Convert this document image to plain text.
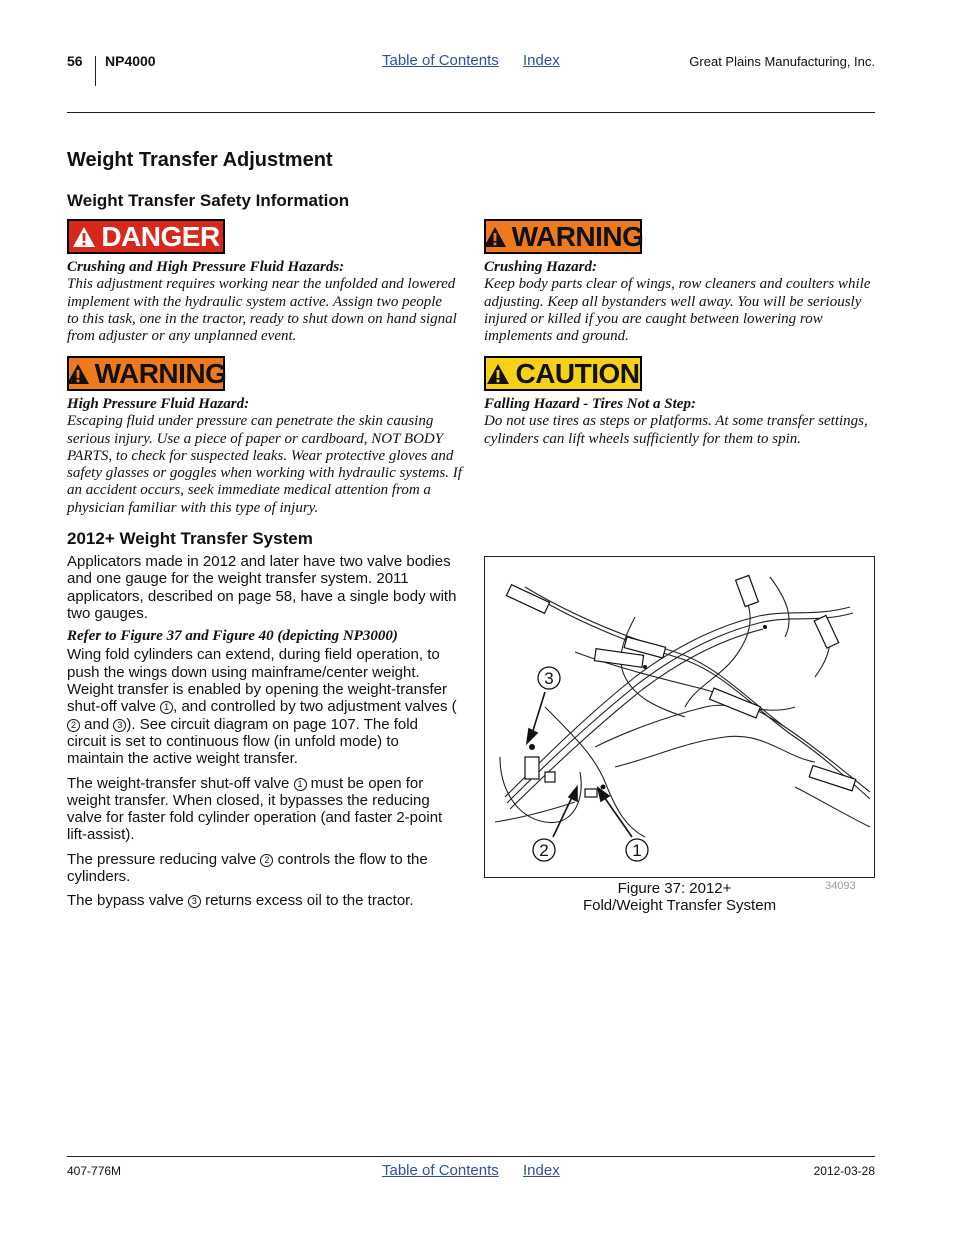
56 NP4000	Table of Contents Index	Great Plains Manufacturing, Inc.
Weight Transfer Adjustment
Weight Transfer Safety Information
DANGER
Crushing and High Pressure Fluid Hazards:
This adjustment requires working near the unfolded and lowered implement with the hydraulic system active. Assign two people to this task, one in the tractor, ready to shut down on hand signal from adjuster or any unplanned event.
WARNING
High Pressure Fluid Hazard:
Escaping fluid under pressure can penetrate the skin causing serious injury. Use a piece of paper or cardboard, NOT BODY PARTS, to check for suspected leaks. Wear protective gloves and safety glasses or goggles when working with hydraulic systems. If an accident occurs, seek immediate medical attention from a physician familiar with this type of injury.
WARNING
Crushing Hazard:
Keep body parts clear of wings, row cleaners and coulters while adjusting. Keep all bystanders well away. You will be seriously injured or killed if you are caught between lowering row implements and ground.
CAUTION
Falling Hazard - Tires Not a Step:
Do not use tires as steps or platforms. At some transfer settings, cylinders can lift wheels sufficiently for them to spin.
2012+ Weight Transfer System

Applicators made in 2012 and later have two valve bodies and one gauge for the weight transfer system. 2011 applicators, described on page 58, have a single body with two gauges.

Refer to Figure 37 and Figure 40 (depicting NP3000)

Wing fold cylinders can extend, during field operation, to push the wings down using mainframe/center weight. Weight transfer is enabled by opening the weight-transfer shut-off valve 1 , and controlled by two adjustment valves (2 and 3 ). See circuit diagram on page 107. The fold circuit is set to continuous flow (in unfold mode) to maintain the active weight transfer.

The weight-transfer shut-off valve 1 must be open for weight transfer. When closed, it bypasses the reducing valve for faster fold cylinder operation (and faster 2-point lift-assist).

The pressure reducing valve 2 controls the flow to the cylinders.

The bypass valve 3 returns excess oil to the tractor.

3
2	1
34093
Figure 37: 2012+
Fold/Weight Transfer System
407-776M	Table of Contents Index	2012-03-28
